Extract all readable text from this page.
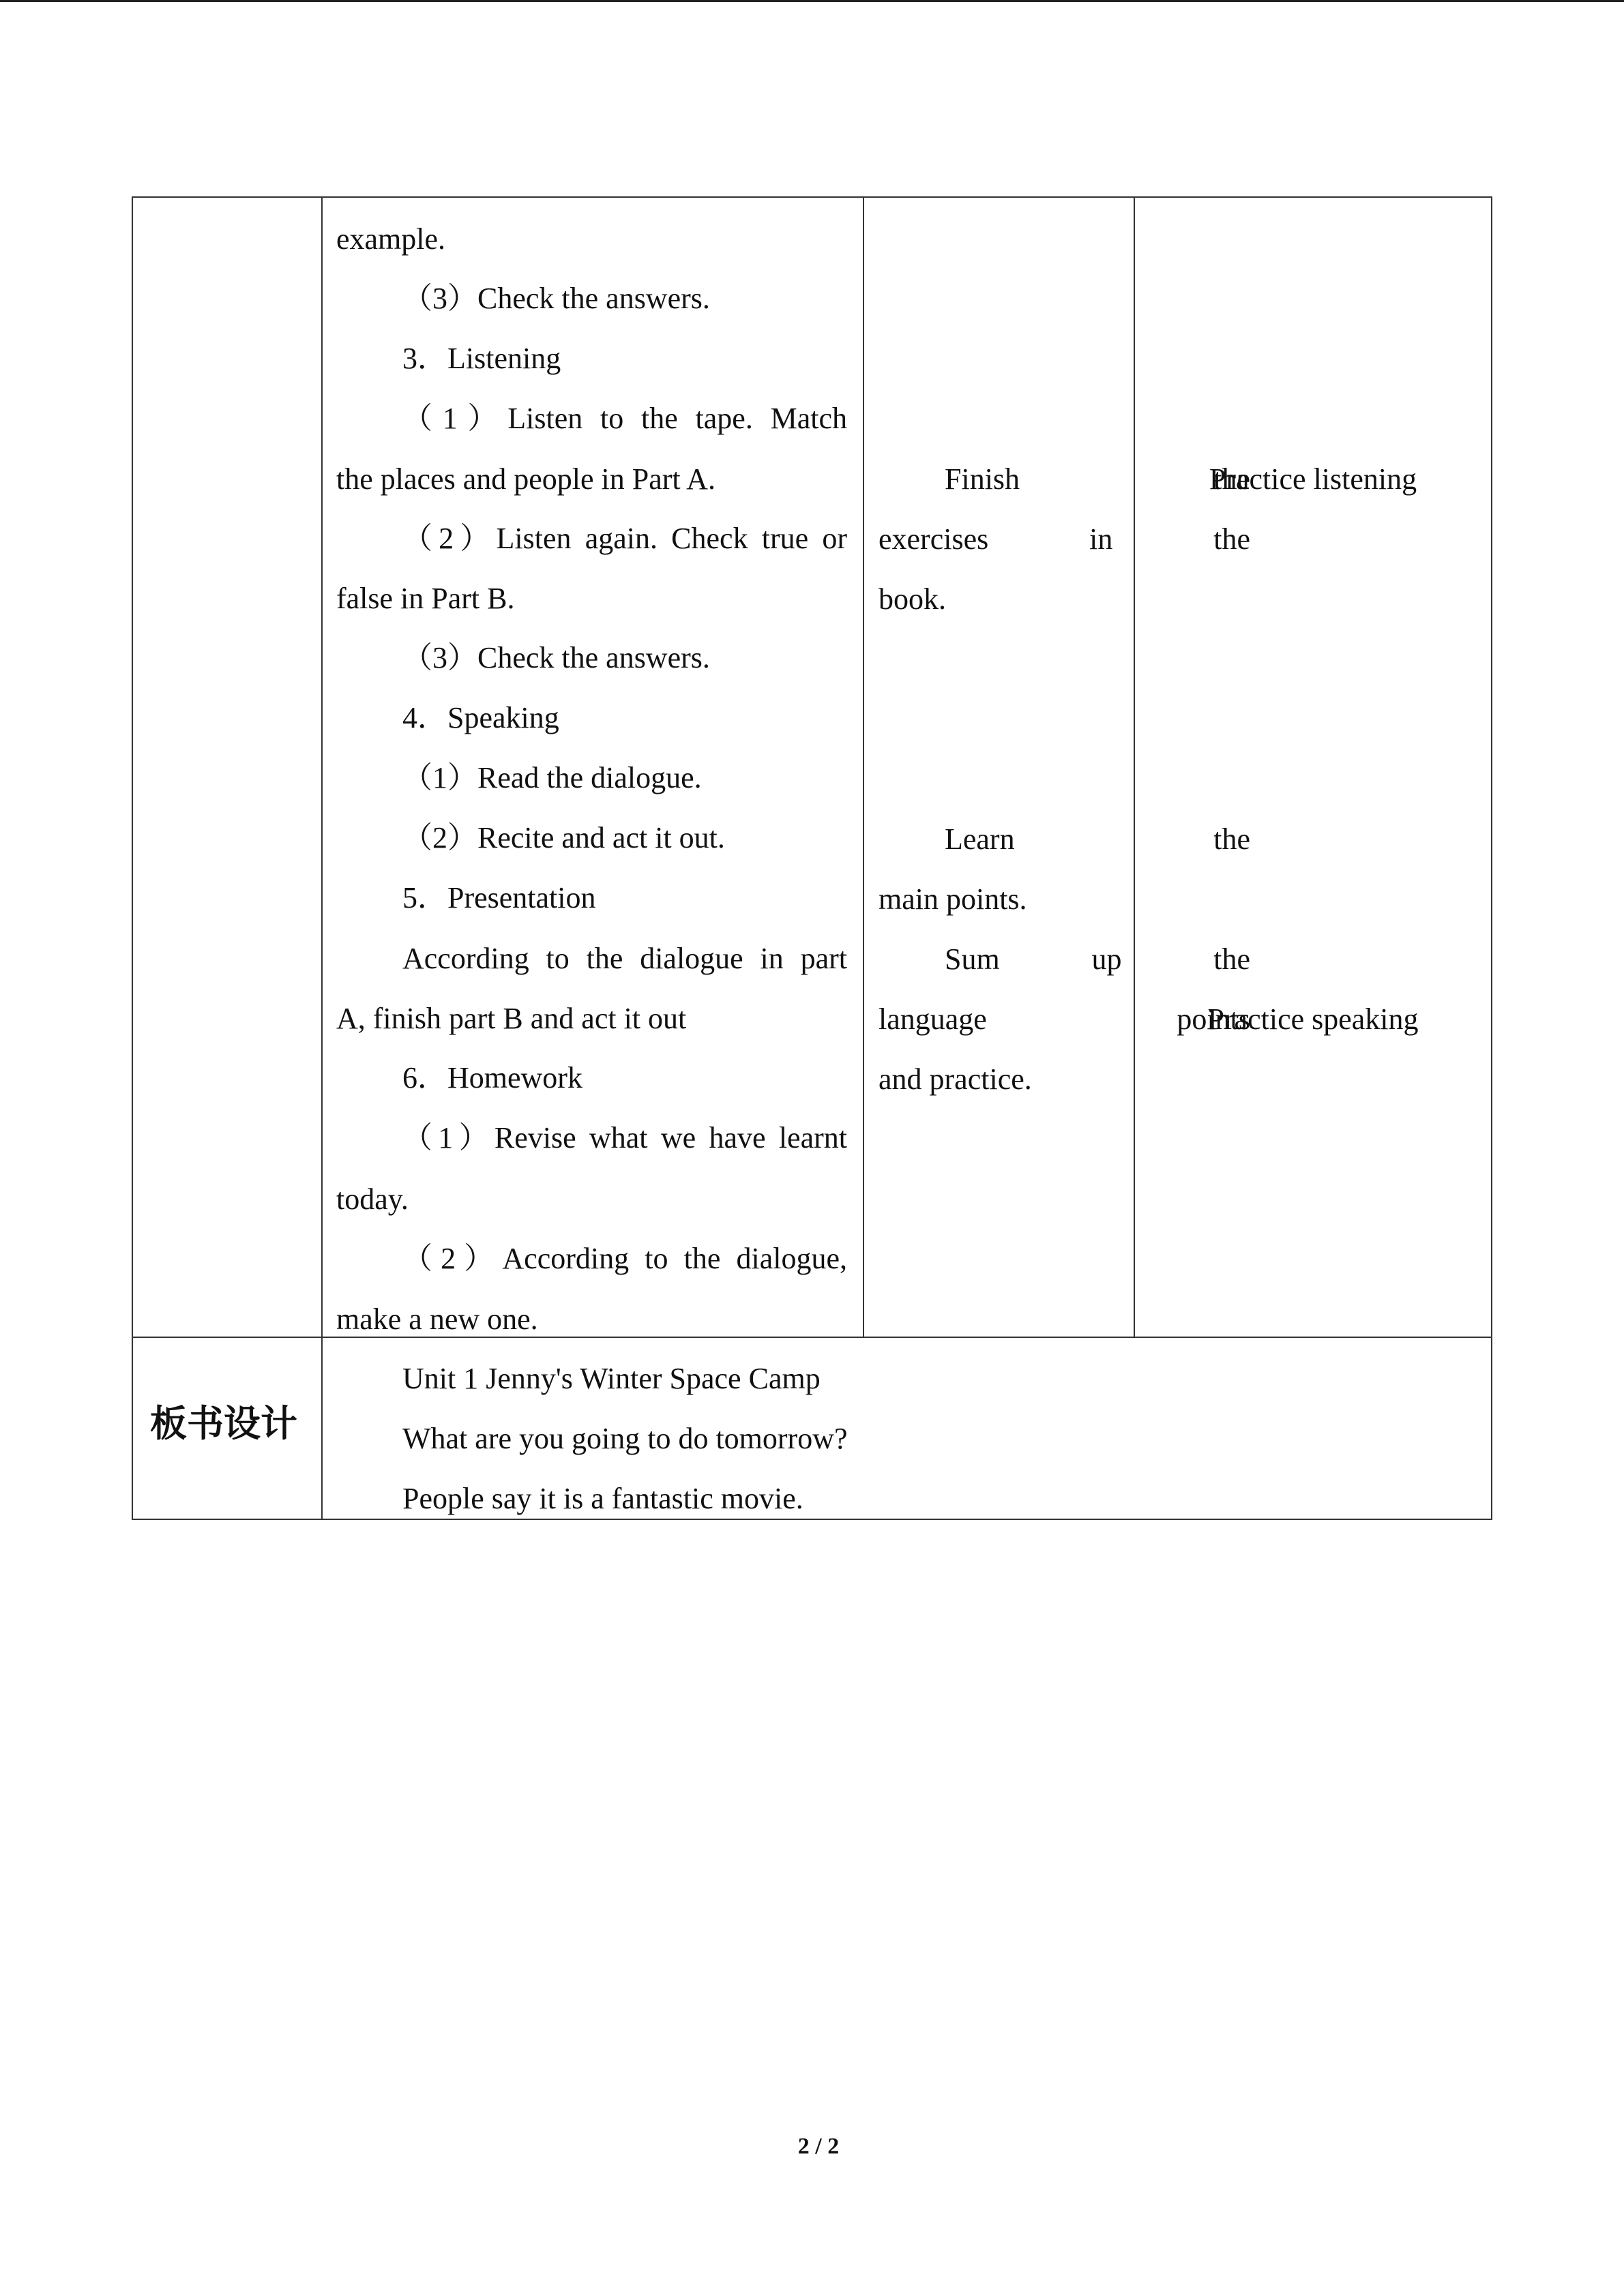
example.
（3）Check the answers.
3．Listening
（1）Listen to the tape. Match
the places and people in Part A.
（2）Listen again. Check true or
false in Part B.
（3）Check the answers.
4．Speaking
（1）Read the dialogue.
（2）Recite and act it out.
5．Presentation
According to the dialogue in part
A, finish part B and act it out
6．Homework
（1）Revise what we have learnt
today.
（2）According to the dialogue,
make a new one.
Finish the
exercises in the
book.
Learn the
main points.
Sum up the
language points
and practice.
Practice listening
Practice speaking
板书设计
Unit 1 Jenny's Winter Space Camp
What are you going to do tomorrow?
People say it is a fantastic movie.
2 / 2
